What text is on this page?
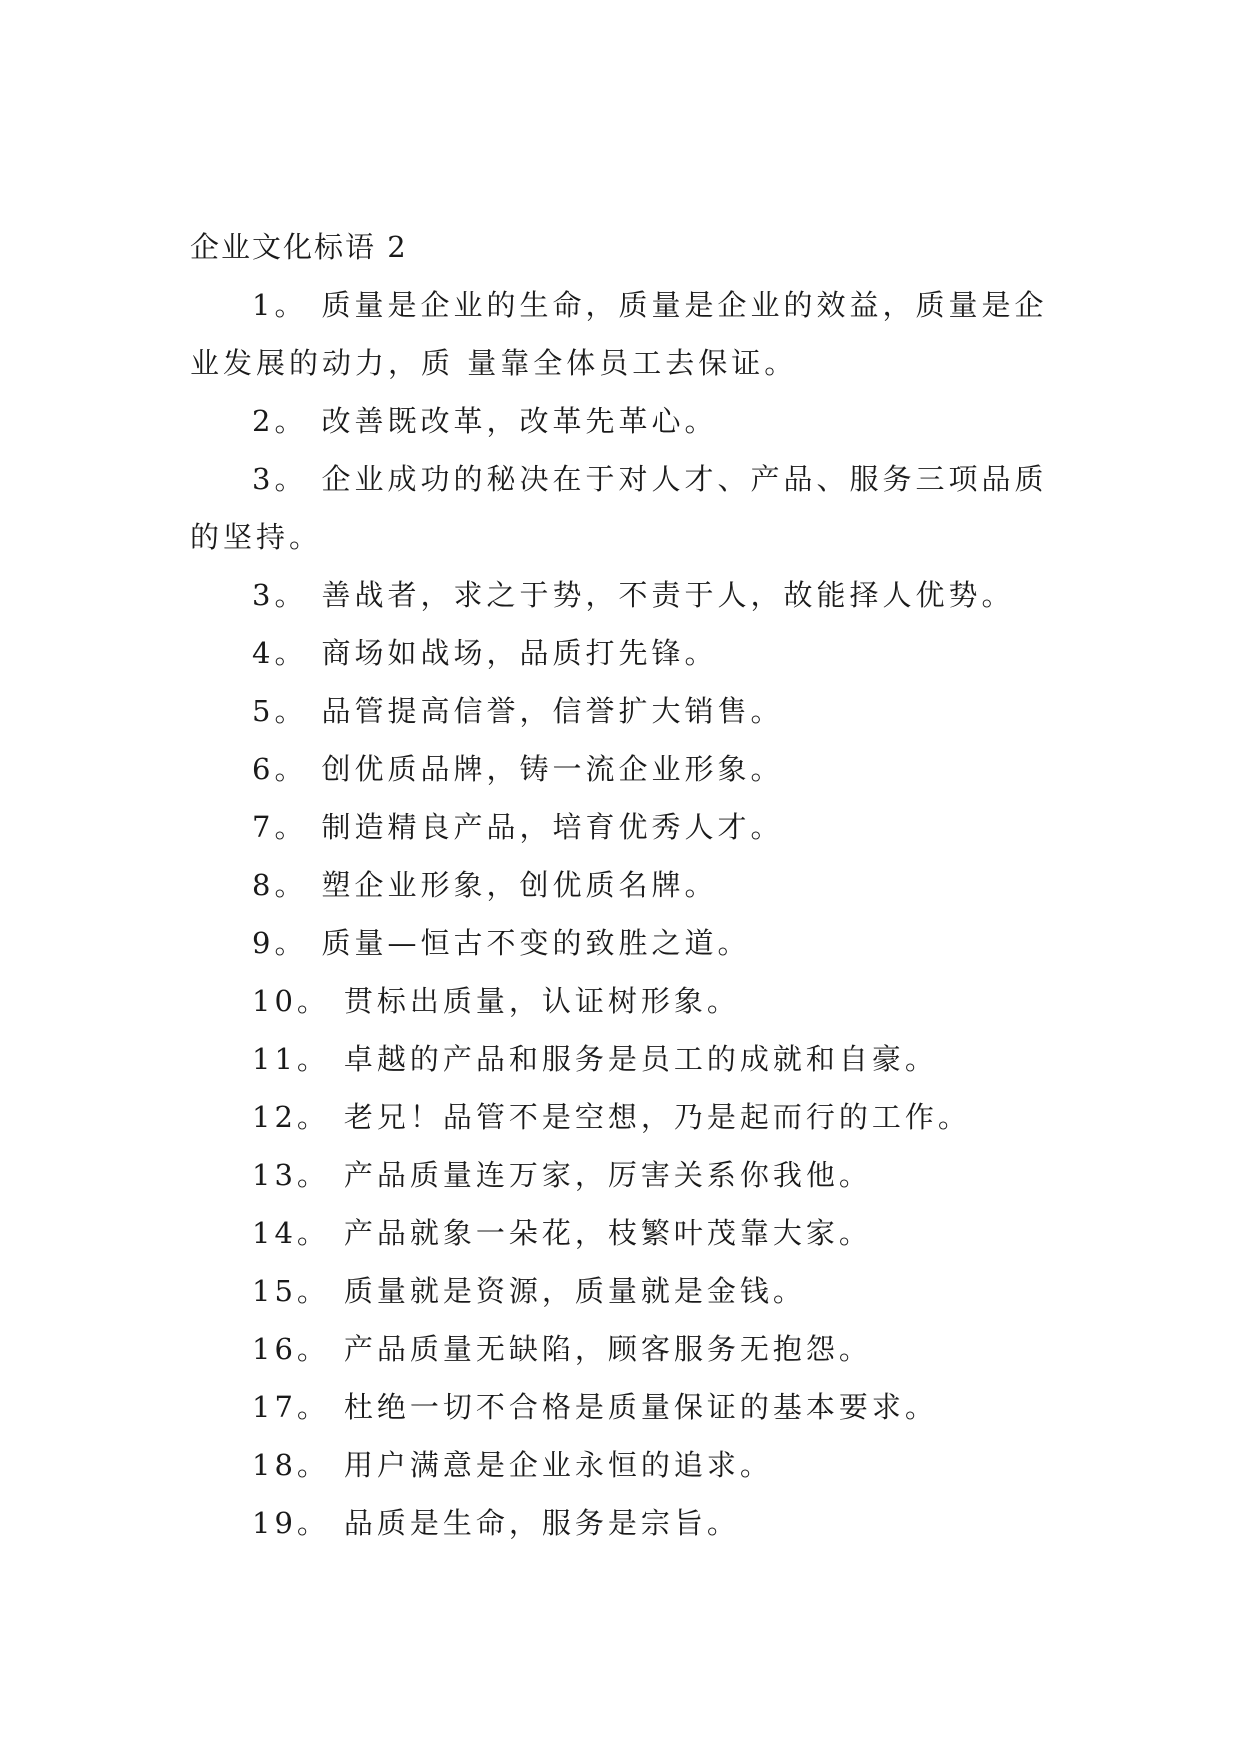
企业文化标语 2

1。 质量是企业的生命，质量是企业的效益，质量是企业发展的动力，质 量靠全体员工去保证。

2。 改善既改革，改革先革心。

3。 企业成功的秘决在于对人才、产品、服务三项品质的坚持。

3。 善战者，求之于势，不责于人，故能择人优势。

4。 商场如战场，品质打先锋。

5。 品管提高信誉，信誉扩大销售。

6。 创优质品牌，铸一流企业形象。

7。 制造精良产品，培育优秀人才。

8。 塑企业形象，创优质名牌。

9。 质量—恒古不变的致胜之道。

10。 贯标出质量，认证树形象。

11。 卓越的产品和服务是员工的成就和自豪。

12。 老兄！品管不是空想，乃是起而行的工作。

13。 产品质量连万家，厉害关系你我他。

14。 产品就象一朵花，枝繁叶茂靠大家。

15。 质量就是资源，质量就是金钱。

16。 产品质量无缺陷，顾客服务无抱怨。

17。 杜绝一切不合格是质量保证的基本要求。

18。 用户满意是企业永恒的追求。

19。 品质是生命，服务是宗旨。
